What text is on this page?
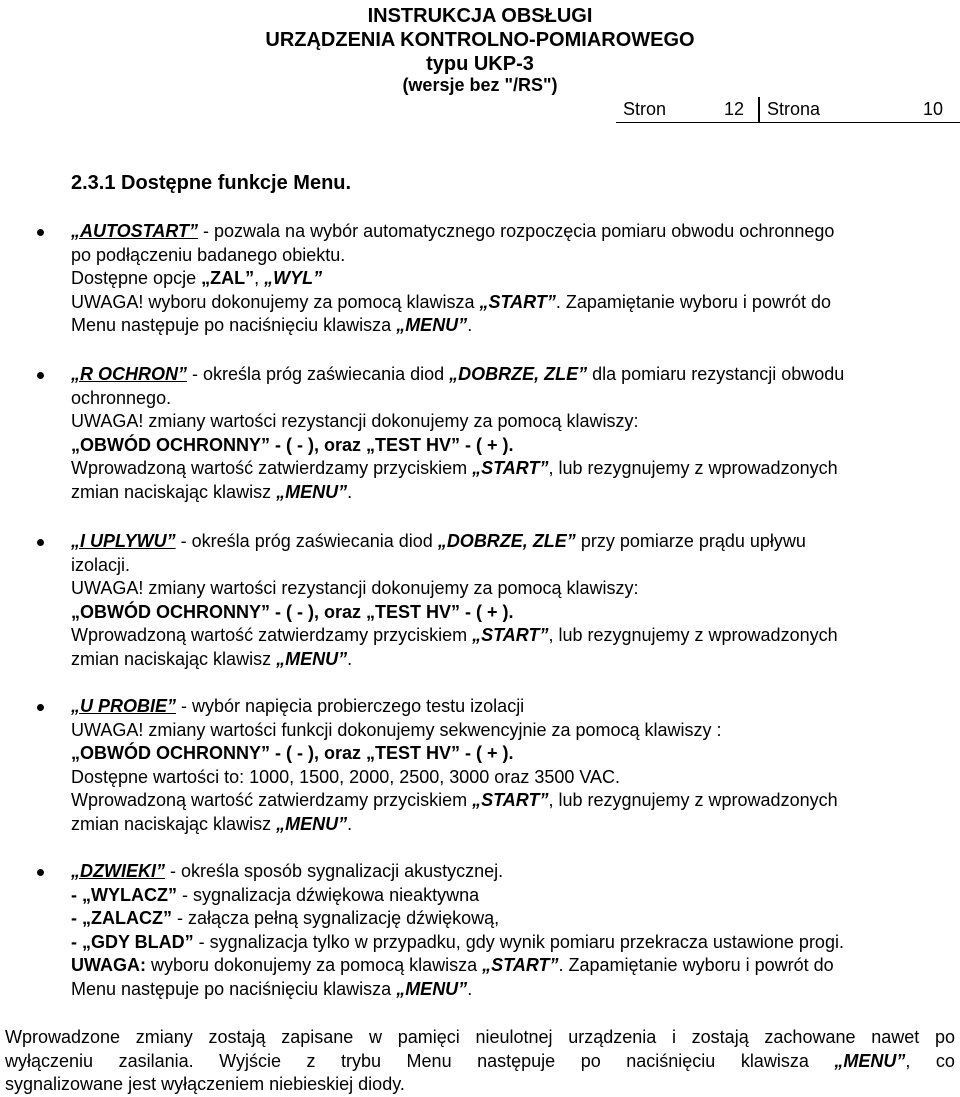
INSTRUKCJA OBSŁUGI
URZĄDZENIA KONTROLNO-POMIAROWEGO
typu UKP-3
(wersje bez "/RS")
Stron	12 Strona	10
2.3.1 Dostępne funkcje Menu.
„AUTOSTART” - pozwala na wybór automatycznego rozpoczęcia pomiaru obwodu ochronnego
po podłączeniu badanego obiektu.
Dostępne opcje „ZAL”, „WYL”
UWAGA! wyboru dokonujemy za pomocą klawisza „START”. Zapamiętanie wyboru i powrót do
Menu następuje po naciśnięciu klawisza „MENU”.
„R OCHRON” - określa próg zaświecania diod „DOBRZE, ZLE” dla pomiaru rezystancji obwodu
ochronnego.
UWAGA! zmiany wartości rezystancji dokonujemy za pomocą klawiszy:
„OBWÓD OCHRONNY” - ( - ), oraz „TEST HV” - ( + ).
Wprowadzoną wartość zatwierdzamy przyciskiem „START”, lub rezygnujemy z wprowadzonych
zmian naciskając klawisz „MENU”.
„I UPLYWU” - określa próg zaświecania diod „DOBRZE, ZLE” przy pomiarze prądu upływu
izolacji.
UWAGA! zmiany wartości rezystancji dokonujemy za pomocą klawiszy:
„OBWÓD OCHRONNY” - ( - ), oraz „TEST HV” - ( + ).
Wprowadzoną wartość zatwierdzamy przyciskiem „START”, lub rezygnujemy z wprowadzonych
zmian naciskając klawisz „MENU”.
„U PROBIE” - wybór napięcia probierczego testu izolacji
UWAGA! zmiany wartości funkcji dokonujemy sekwencyjnie za pomocą klawiszy :
„OBWÓD OCHRONNY” - ( - ), oraz „TEST HV” - ( + ).
Dostępne wartości to: 1000, 1500, 2000, 2500, 3000 oraz 3500 VAC.
Wprowadzoną wartość zatwierdzamy przyciskiem „START”, lub rezygnujemy z wprowadzonych
zmian naciskając klawisz „MENU”.
„DZWIEKI” - określa sposób sygnalizacji akustycznej.
- „WYLACZ” - sygnalizacja dźwiękowa nieaktywna
- „ZALACZ” - załącza pełną sygnalizację dźwiękową,
- „GDY BLAD” - sygnalizacja tylko w przypadku, gdy wynik pomiaru przekracza ustawione progi.
UWAGA: wyboru dokonujemy za pomocą klawisza „START”. Zapamiętanie wyboru i powrót do
Menu następuje po naciśnięciu klawisza „MENU”.
Wprowadzone zmiany zostają zapisane w pamięci nieulotnej urządzenia i zostają zachowane nawet po
wyłączeniu zasilania. Wyjście z trybu Menu następuje po naciśnięciu klawisza „MENU”, co
sygnalizowane jest wyłączeniem niebieskiej diody.
